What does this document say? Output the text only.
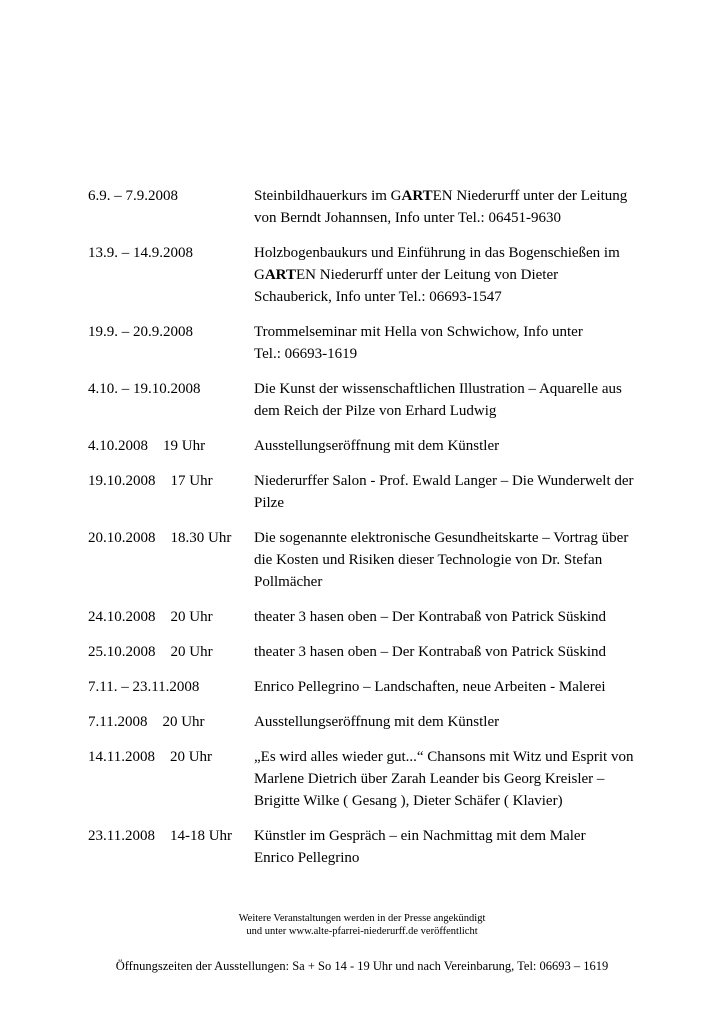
6.9. – 7.9.2008	Steinbildhauerkurs im GARTEN Niederurff unter der Leitung
von Berndt Johannsen, Info unter Tel.: 06451-9630
13.9. – 14.9.2008	Holzbogenbaukurs und Einführung in das Bogenschießen im
GARTEN Niederurff unter der Leitung von Dieter
Schauberick, Info unter Tel.: 06693-1547
19.9. – 20.9.2008	Trommelseminar mit Hella von Schwichow, Info unter
Tel.: 06693-1619
4.10. – 19.10.2008	Die Kunst der wissenschaftlichen Illustration – Aquarelle aus
dem Reich der Pilze von Erhard Ludwig
4.10.2008    19 Uhr	Ausstellungseröffnung mit dem Künstler
19.10.2008    17 Uhr	Niederurffer Salon - Prof. Ewald Langer – Die Wunderwelt der
Pilze
20.10.2008    18.30 Uhr	Die sogenannte elektronische Gesundheitskarte – Vortrag über
die Kosten und Risiken dieser Technologie von Dr. Stefan
Pollmächer
24.10.2008    20 Uhr	theater 3 hasen oben – Der Kontrabaß von Patrick Süskind
25.10.2008    20 Uhr	theater 3 hasen oben – Der Kontrabaß von Patrick Süskind
7.11. – 23.11.2008	Enrico Pellegrino – Landschaften, neue Arbeiten - Malerei
7.11.2008    20 Uhr	Ausstellungseröffnung mit dem Künstler
14.11.2008    20 Uhr	„Es wird alles wieder gut...“ Chansons mit Witz und Esprit von
Marlene Dietrich über Zarah Leander bis Georg Kreisler –
Brigitte Wilke ( Gesang ), Dieter Schäfer ( Klavier)
23.11.2008    14-18 Uhr	Künstler im Gespräch – ein Nachmittag mit dem Maler
Enrico Pellegrino
Weitere Veranstaltungen werden in der Presse angekündigt
und unter www.alte-pfarrei-niederurff.de veröffentlicht
Öffnungszeiten der Ausstellungen: Sa + So 14 - 19 Uhr und nach Vereinbarung, Tel: 06693 – 1619
